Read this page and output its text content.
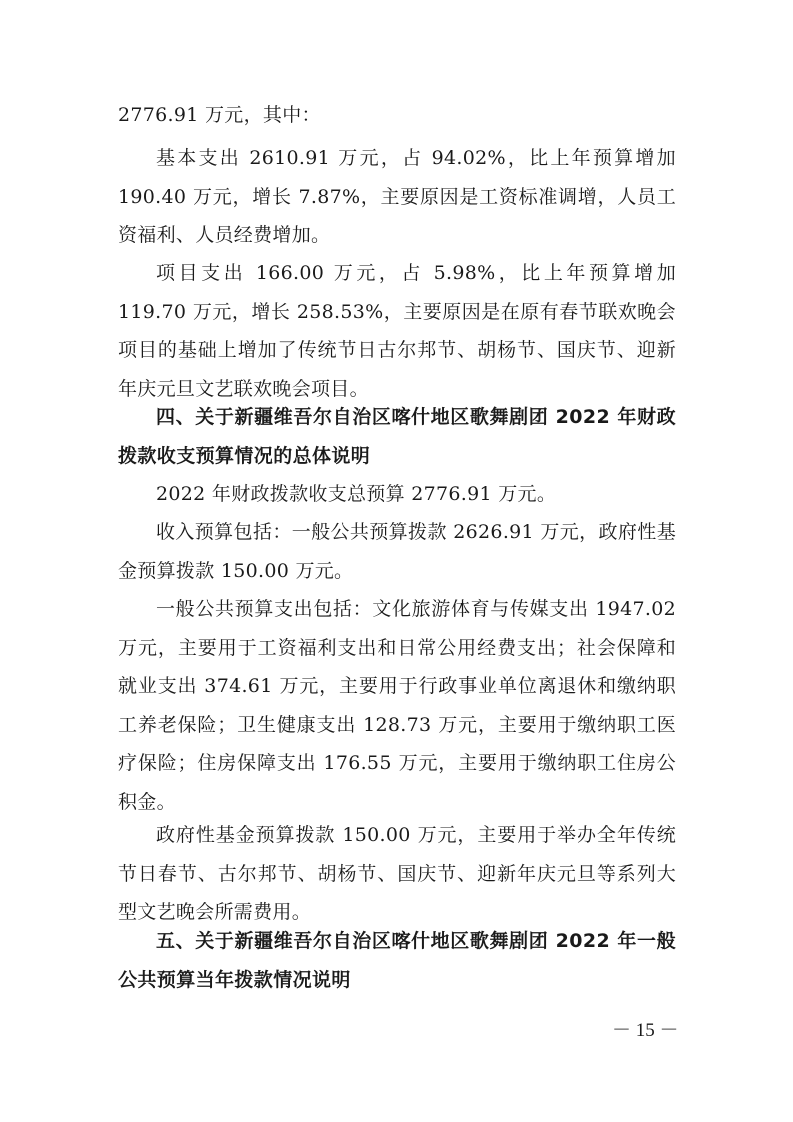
2776.91 万元，其中：

基本支出 2610.91 万元，占 94.02%，比上年预算增加 190.40 万元，增长 7.87%，主要原因是工资标准调增，人员工资福利、人员经费增加。

项目支出 166.00 万元，占 5.98%，比上年预算增加 119.70 万元，增长 258.53%，主要原因是在原有春节联欢晚会项目的基础上增加了传统节日古尔邦节、胡杨节、国庆节、迎新年庆元旦文艺联欢晚会项目。

四、关于新疆维吾尔自治区喀什地区歌舞剧团 2022 年财政拨款收支预算情况的总体说明

2022 年财政拨款收支总预算 2776.91 万元。

收入预算包括：一般公共预算拨款 2626.91 万元，政府性基金预算拨款 150.00 万元。

一般公共预算支出包括：文化旅游体育与传媒支出 1947.02 万元，主要用于工资福利支出和日常公用经费支出；社会保障和就业支出 374.61 万元，主要用于行政事业单位离退休和缴纳职工养老保险；卫生健康支出 128.73 万元，主要用于缴纳职工医疗保险；住房保障支出 176.55 万元，主要用于缴纳职工住房公积金。

政府性基金预算拨款 150.00 万元，主要用于举办全年传统节日春节、古尔邦节、胡杨节、国庆节、迎新年庆元旦等系列大型文艺晚会所需费用。

五、关于新疆维吾尔自治区喀什地区歌舞剧团 2022 年一般公共预算当年拨款情况说明

－ 15 －
